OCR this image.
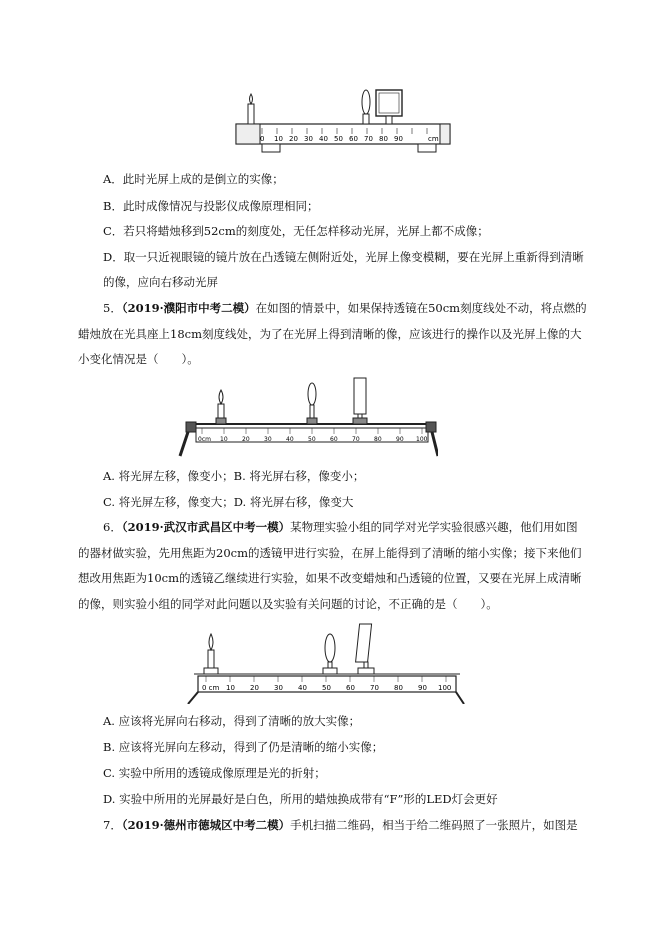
0 10 20 30 40 50 60 70 80 90	cm
A．此时光屏上成的是倒立的实像；
B．此时成像情况与投影仪成像原理相同；
C．若只将蜡烛移到52cm的刻度处，无任怎样移动光屏，光屏上都不成像；
D．取一只近视眼镜的镜片放在凸透镜左侧附近处，光屏上像变模糊，要在光屏上重新得到清晰
的像，应向右移动光屏
5．（2019·濮阳市中考二模）在如图的情景中，如果保持透镜在50cm刻度线处不动，将点燃的
蜡烛放在光具座上18cm刻度线处，为了在光屏上得到清晰的像，应该进行的操作以及光屏上像的大
小变化情况是（　　）。
0cm 10 20 30 40 50 60 70 80 90 100
A. 将光屏左移，像变小；B. 将光屏右移，像变小；
C. 将光屏左移，像变大；D. 将光屏右移，像变大
6．（2019·武汉市武昌区中考一模）某物理实验小组的同学对光学实验很感兴趣，他们用如图
的器材做实验，先用焦距为20cm的透镜甲进行实验，在屏上能得到了清晰的缩小实像；接下来他们
想改用焦距为10cm的透镜乙继续进行实验，如果不改变蜡烛和凸透镜的位置，又要在光屏上成清晰
的像，则实验小组的同学对此问题以及实验有关问题的讨论，不正确的是（　　）。
0 cm 10 20 30 40 50 60 70 80 90 100
A. 应该将光屏向右移动，得到了清晰的放大实像；
B. 应该将光屏向左移动，得到了仍是清晰的缩小实像；
C. 实验中所用的透镜成像原理是光的折射；
D. 实验中所用的光屏最好是白色，所用的蜡烛换成带有“F”形的LED灯会更好
7．（2019·德州市德城区中考二模）手机扫描二维码，相当于给二维码照了一张照片，如图是
